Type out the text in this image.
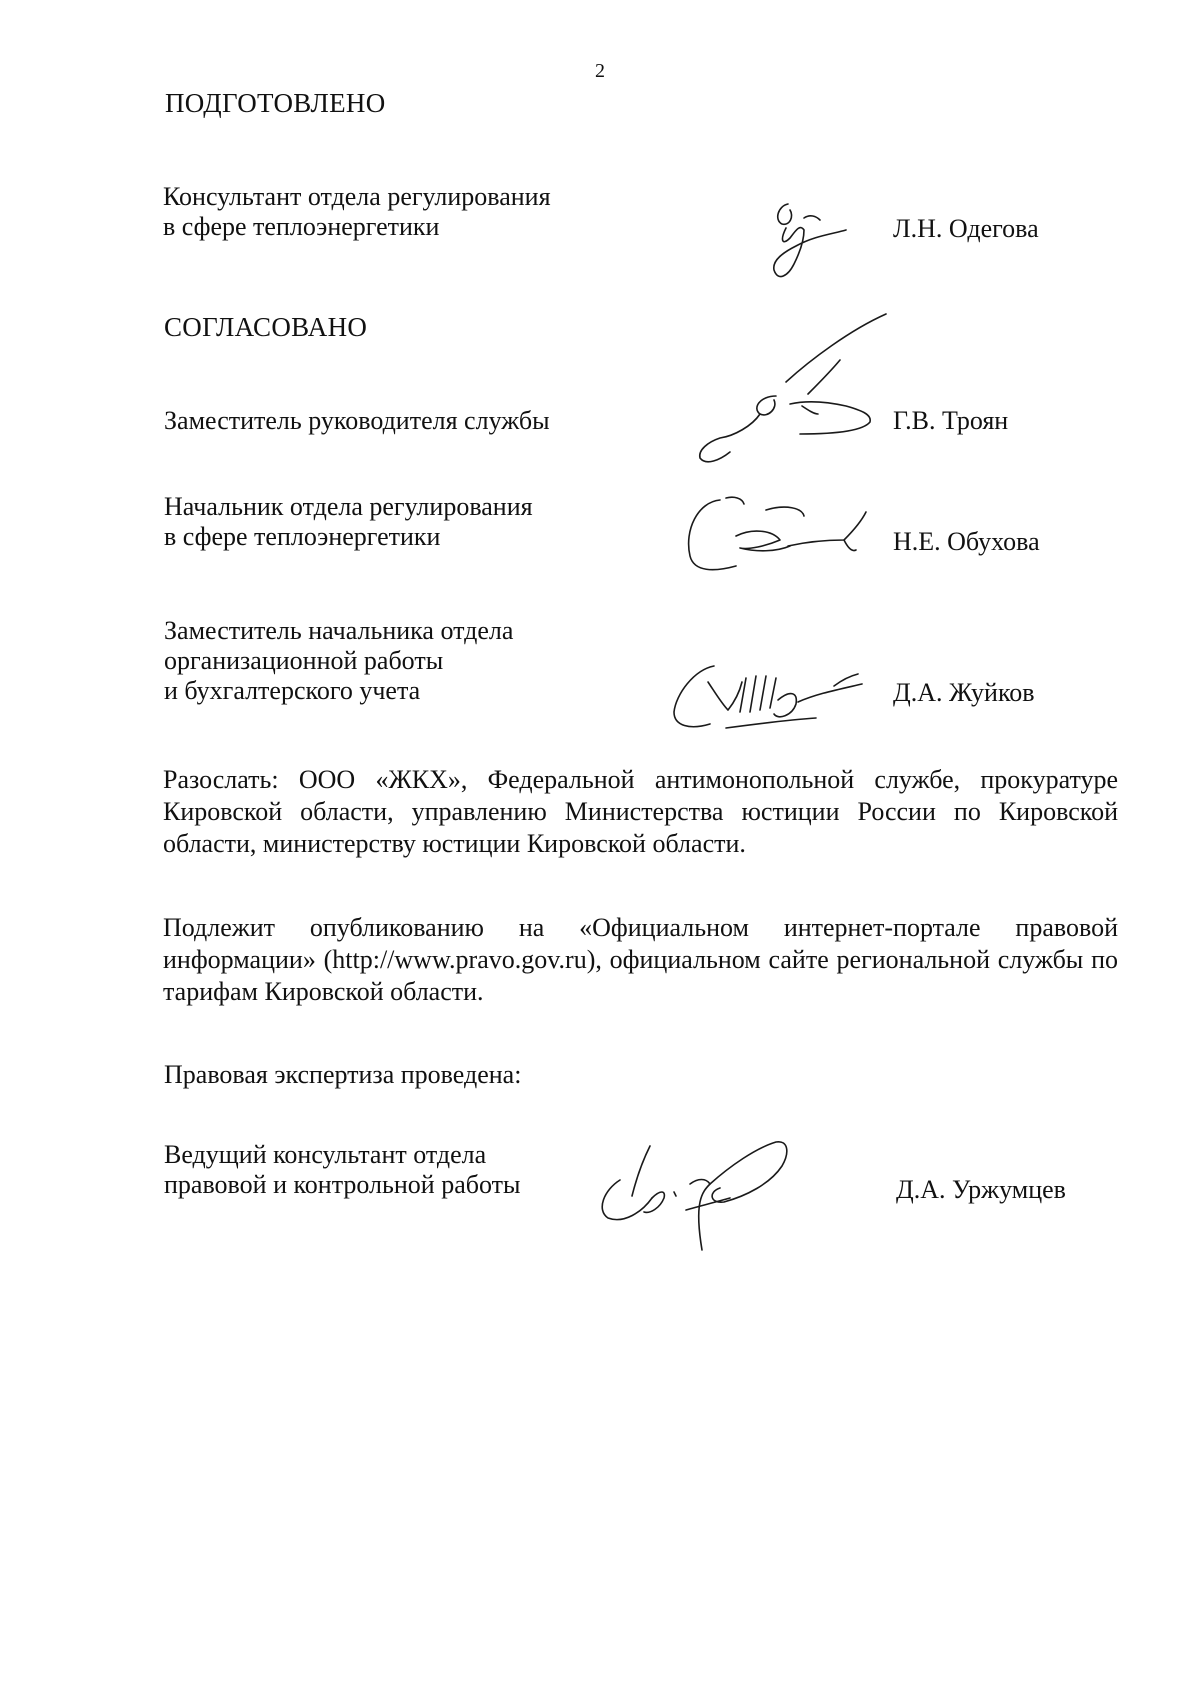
2
ПОДГОТОВЛЕНО
Консультант отдела регулирования
в сфере теплоэнергетики	Л.Н. Одегова
СОГЛАСОВАНО
Заместитель руководителя службы	Г.В. Троян
Начальник отдела регулирования
в сфере теплоэнергетики	Н.Е. Обухова
Заместитель начальника отдела
организационной работы
и бухгалтерского учета	Д.А. Жуйков
Разослать: ООО «ЖКХ», Федеральной антимонопольной службе, прокуратуре Кировской области, управлению Министерства юстиции России по Кировской области, министерству юстиции Кировской области.
Подлежит опубликованию на «Официальном интернет-портале правовой информации» (http://www.pravo.gov.ru), официальном сайте региональной службы по тарифам Кировской области.
Правовая экспертиза проведена:
Ведущий консультант отдела
правовой и контрольной работы	Д.А. Уржумцев
